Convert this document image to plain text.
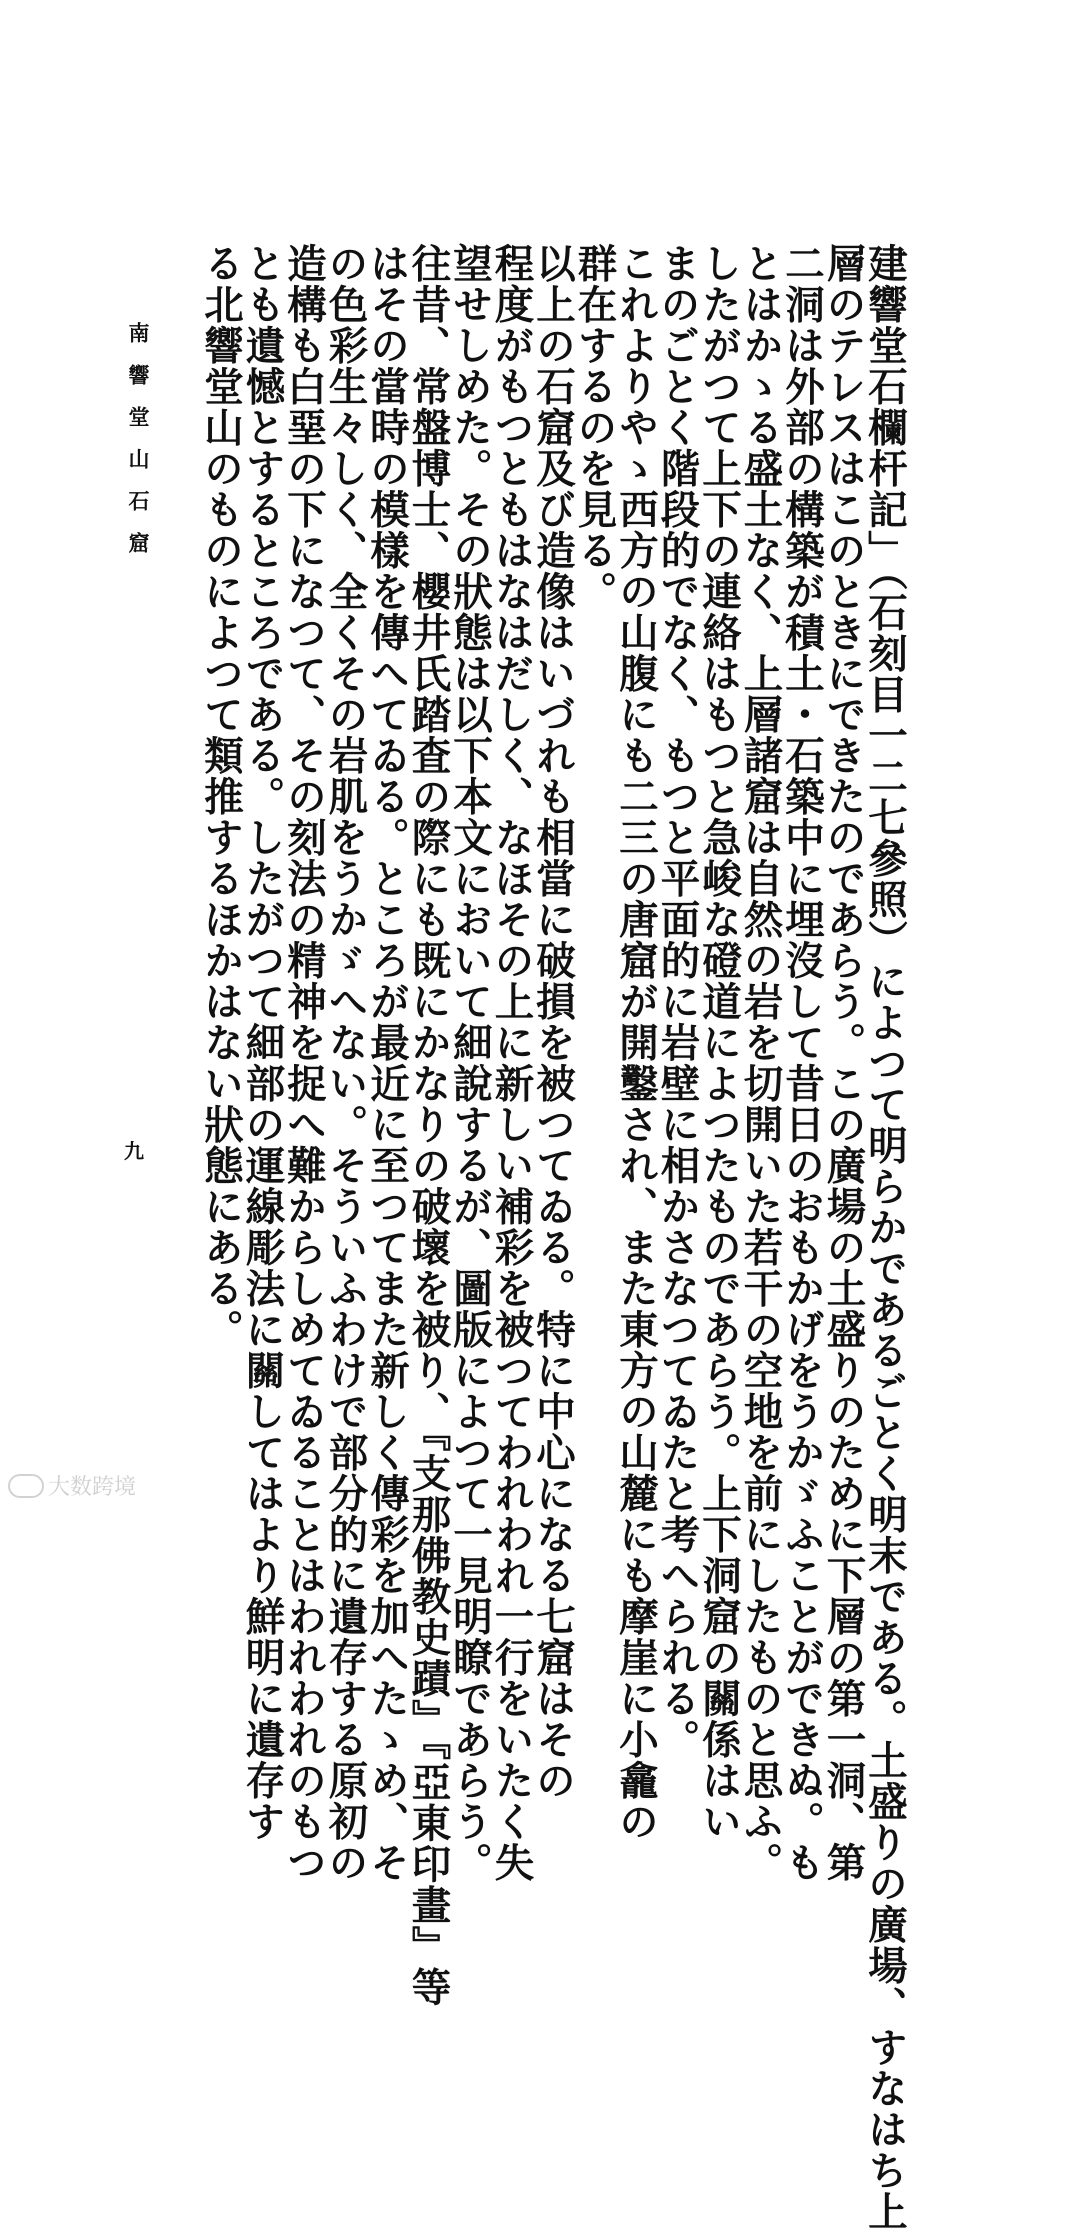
建響堂石欄杆記」（石刻目一二七參照）によつて明らかであるごとく明末である。土盛りの廣場、すなはち上
層のテレスはこのときにできたのであらう。この廣場の土盛りのために下層の第一洞、第
二洞は外部の構築が積土・石築中に埋沒して昔日のおもかげをうかゞふことができぬ。も
とはかゝる盛土なく、上層諸窟は自然の岩を切開いた若干の空地を前にしたものと思ふ。
したがつて上下の連絡はもつと急峻な磴道によつたものであらう。上下洞窟の關係はい
まのごとく階段的でなく、もつと平面的に岩壁に相かさなつてゐたと考へられる。
これよりやゝ西方の山腹にも二三の唐窟が開鑿され、また東方の山麓にも摩崖に小龕の
群在するのを見る。
以上の石窟及び造像はいづれも相當に破損を被つてゐる。特に中心になる七窟はその
程度がもつともはなはだしく、なほその上に新しい補彩を被つてわれわれ一行をいたく失
望せしめた。その狀態は以下本文において細說するが、圖版によつて一見明瞭であらう。
往昔、常盤博士、櫻井氏踏査の際にも既にかなりの破壞を被り、『支那佛教史蹟』『亞東印畫』等
はその當時の模樣を傳へてゐる。ところが最近に至つてまた新しく傳彩を加へたゝめ、そ
の色彩生々しく、全くその岩肌をうかゞへない。そういふわけで部分的に遺存する原初の
造構も白堊の下になつて、その刻法の精神を捉へ難からしめてゐることはわれわれのもつ
とも遺憾とするところである。したがつて細部の運線彫法に關してはより鮮明に遺存す
る北響堂山のものによつて類推するほかはない狀態にある。
南響堂山石窟
九
大数跨境
